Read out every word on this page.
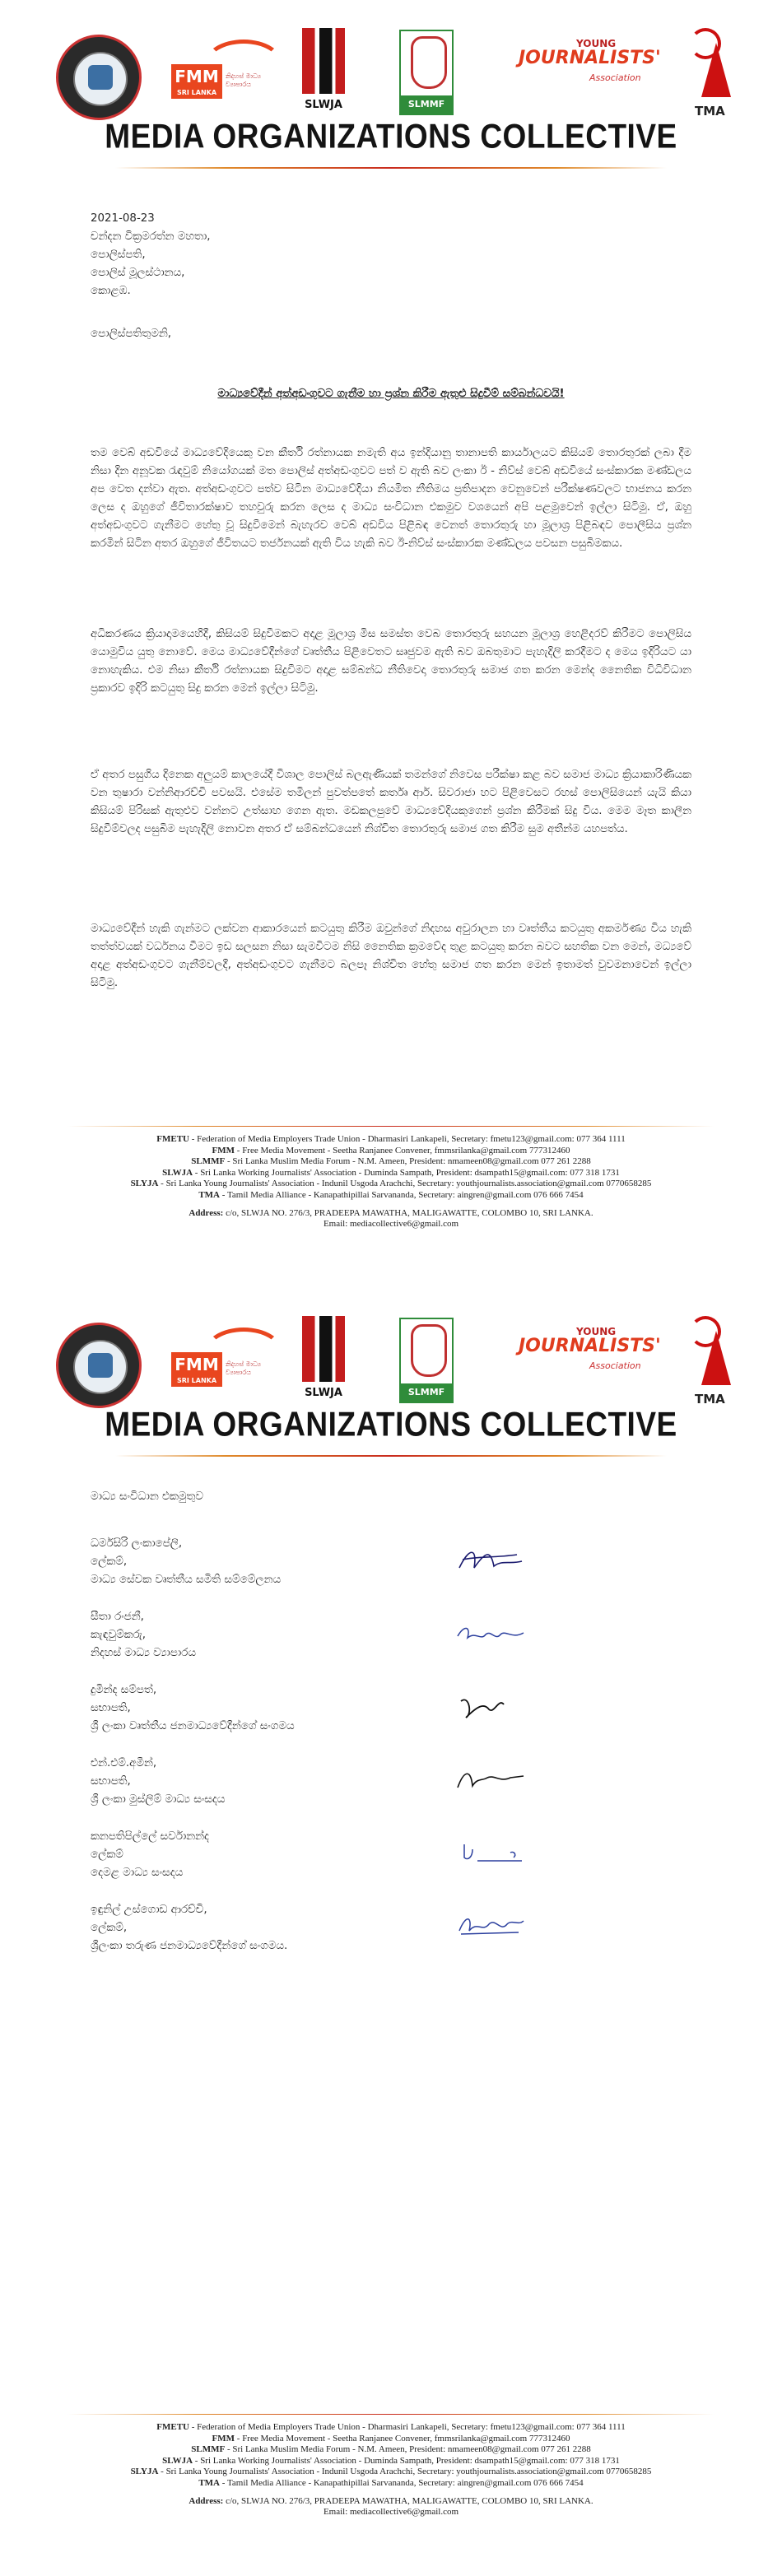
FMM
SRI LANKA
නිදහස් මාධ්‍ය ව්‍යාපාරය
SLWJA	SLMMF
YOUNG
JOURNALISTS'
Association
TMA
MEDIA ORGANIZATIONS COLLECTIVE
2021-08-23
චන්දන වික්‍රමරත්න මහතා,
පොලිස්පති,
පොලිස් මූලස්ථානය,
කොළඹ.
පොලිස්පතිතුමනි,
මාධ්‍යවේදීන් අත්අඩංගුවට ගැනීම හා ප්‍රශ්න කිරීම ඇතුළු සිදුවීම් සම්බන්ධවයි!

තම වෙබ් අඩවියේ මාධ්‍යවේදියෙකු වන කීර්ති රත්නායක නමැති අය ඉන්දියානු තානාපති කාර්යාලයට කිසියම් තොරතුරක් ලබා දීම නිසා දින අනූවක රැඳවුම් නියෝගයක් මත පොලිස් අත්අඩංගුවට පත් ව ඇති බව ලංකා ඊ - නිව්ස් වෙබ් අඩවියේ සංස්කාරක මණ්ඩලය අප වෙත දන්වා ඇත. අත්අඩංගුවට පත්ව සිටින මාධ්‍යවේදියා නියමිත නීතිමය ප්‍රතිපාදන වෙනුවෙන් පරීක්ෂණවලට භාජනය කරන ලෙස ද ඔහුගේ ජීවිතාරක්ෂාව තහවුරු කරන ලෙස ද මාධ්‍ය සංවිධාන එකමුව වශයෙන් අපි පළමුවෙන් ඉල්ලා සිටිමු. ඒ, ඔහු අත්අඩංගුවට ගැනීමට හේතු වූ සිදුවීමෙන් බැහැරව වෙබ් අඩවිය පිළිබඳ වෙනත් තොරතුරු හා මූලාශ්‍ර පිළිබඳව පොලීසිය ප්‍රශ්න කරමින් සිටින අතර ඔහුගේ ජීවිතයට තර්ජනයක් ඇති විය හැකි බව ඊ-නිව්ස් සංස්කාරක මණ්ඩලය පවසන පසුබිමකය.

අධිකරණය ක්‍රියාදාමයෙහිදී, කිසියම් සිදුවීමකට අදාළ මූලාශ්‍ර මිස සමස්ත වෙබ තොරතුරු සහයන මූලාශ්‍ර හෙළිදරව් කිරීමට පොලිසිය යොමුවිය යුතු නොවේ. මෙය මාධ්‍යවේදීන්ගේ වෘත්තීය පිළිවෙතට සෘජුවම ඇති බව ඔබතුමාට පැහැදිලි කරදීමට ද මෙය ඉදිරියට යා නොහැකිය. එම නිසා කීර්ති රත්නායක සිදුවීමට අදාළ සම්බන්ධ නීතිවෙදා තොරතුරු සමාජ ගත කරන මෙන්ද නෛතික විධිවිධාන ප්‍රකාරව ඉදිරි කටයුතු සිදු කරන මෙන් ඉල්ලා සිටිමු.

ඒ අතර පසුගිය දිනෙක අලුයම් කාලයේදී විශාල පොලිස් බලඇණියක් තමන්ගේ නිවෙස පරීක්ෂා කළ බව සමාජ මාධ්‍ය ක්‍රියාකාරිණියක වන තුෂාරා වන්නිආරච්චි පවසයි. එසේම තමිලන් පුවත්පතේ කර්තෘ ආර්. සිවරාජා හට පිළිවෙසට රහස් පොලිසියෙන් යැයි කියා කිසියම් පිරිසක් ඇතුළුව වන්නට උත්සාහ ගෙන ඇත. මඩකලපුවේ මාධ්‍යවේදියකුගෙන් ප්‍රශ්න කිරීමක් සිදු විය. මෙම මෑත කාලීන සිදුවීම්වලද පසුබිම පැහැදිලි නොවන අතර ඒ සම්බන්ධයෙන් නිශ්චිත තොරතුරු සමාජ ගත කිරීම සුම අතීන්ම යහපත්ය.

මාධ්‍යවේදීන් හැකි ගැන්මට ලක්වන ආකාරයෙන් කටයුතු කිරීම ඔවුන්ගේ නිදහස අවුරාලන හා වෘත්තීය කටයුතු අකර්මණ්‍ය විය හැකි තත්ත්වයක් වර්ධනය වීමට ඉඩ සලසන නිසා සැමවිටම නිසි නෛතික ක්‍රමවේද තුළ කටයුතු කරන බවට සහතික වන මෙන්, මධ්‍යවේ අදාළ අත්අඩංගුවට ගැනීම්වලදී, අත්අඩංගුවට ගැනීමට බලපෑ නිශ්චිත හේතු සමාජ ගත කරන මෙන් ඉතාමත් වුවමනාවෙන් ඉල්ලා සිටිමු.

FMETU - Federation of Media Employers Trade Union - Dharmasiri Lankapeli, Secretary: fmetu123@gmail.com: 077 364 1111
FMM - Free Media Movement - Seetha Ranjanee Convener, fmmsrilanka@gmail.com 777312460
SLMMF - Sri Lanka Muslim Media Forum - N.M. Ameen, President: nmameen08@gmail.com 077 261 2288
SLWJA - Sri Lanka Working Journalists' Association - Duminda Sampath, President: dsampath15@gmail.com: 077 318 1731
SLYJA - Sri Lanka Young Journalists' Association - Indunil Usgoda Arachchi, Secretary: youthjournalists.association@gmail.com 0770658285
TMA - Tamil Media Alliance - Kanapathipillai Sarvananda, Secretary: aingren@gmail.com 076 666 7454
Address: c/o, SLWJA NO. 276/3, PRADEEPA MAWATHA, MALIGAWATTE, COLOMBO 10, SRI LANKA.
Email: mediacollective6@gmail.com
FMM
SRI LANKA
නිදහස් මාධ්‍ය ව්‍යාපාරය
SLWJA	SLMMF
YOUNG
JOURNALISTS'
Association
TMA
MEDIA ORGANIZATIONS COLLECTIVE
මාධ්‍ය සංවිධාන එකමුතුව
ධර්මසිරි ලංකාපේලි,
ලේකම්,
මාධ්‍ය සේවක වෘත්තීය සමිති සම්මේලනය
සීතා රංජනී,
කැඳවුම්කරු,
නිදහස් මාධ්‍ය ව්‍යාපාරය
දුමින්ද සම්පත්,
සභාපති,
ශ්‍රී ලංකා වෘත්තීය ජනමාධ්‍යවේදීන්ගේ සංගමය
එන්.එම්.අමීන්,
සභාපති,
ශ්‍රී ලංකා මුස්ලිම් මාධ්‍ය සංසදය
කනපතිපිල්ලේ සර්වානන්ද
ලේකම්
දෙමළ මාධ්‍ය සංසදය
ඉඳුනිල් උස්ගොඩ ආරච්චි,
ලේකම්,
ශ්‍රීලංකා තරුණ ජනමාධ්‍යවේදීන්ගේ සංගමය.
FMETU - Federation of Media Employers Trade Union - Dharmasiri Lankapeli, Secretary: fmetu123@gmail.com: 077 364 1111
FMM - Free Media Movement - Seetha Ranjanee Convener, fmmsrilanka@gmail.com 777312460
SLMMF - Sri Lanka Muslim Media Forum - N.M. Ameen, President: nmameen08@gmail.com 077 261 2288
SLWJA - Sri Lanka Working Journalists' Association - Duminda Sampath, President: dsampath15@gmail.com: 077 318 1731
SLYJA - Sri Lanka Young Journalists' Association - Indunil Usgoda Arachchi, Secretary: youthjournalists.association@gmail.com 0770658285
TMA - Tamil Media Alliance - Kanapathipillai Sarvananda, Secretary: aingren@gmail.com 076 666 7454
Address: c/o, SLWJA NO. 276/3, PRADEEPA MAWATHA, MALIGAWATTE, COLOMBO 10, SRI LANKA.
Email: mediacollective6@gmail.com
